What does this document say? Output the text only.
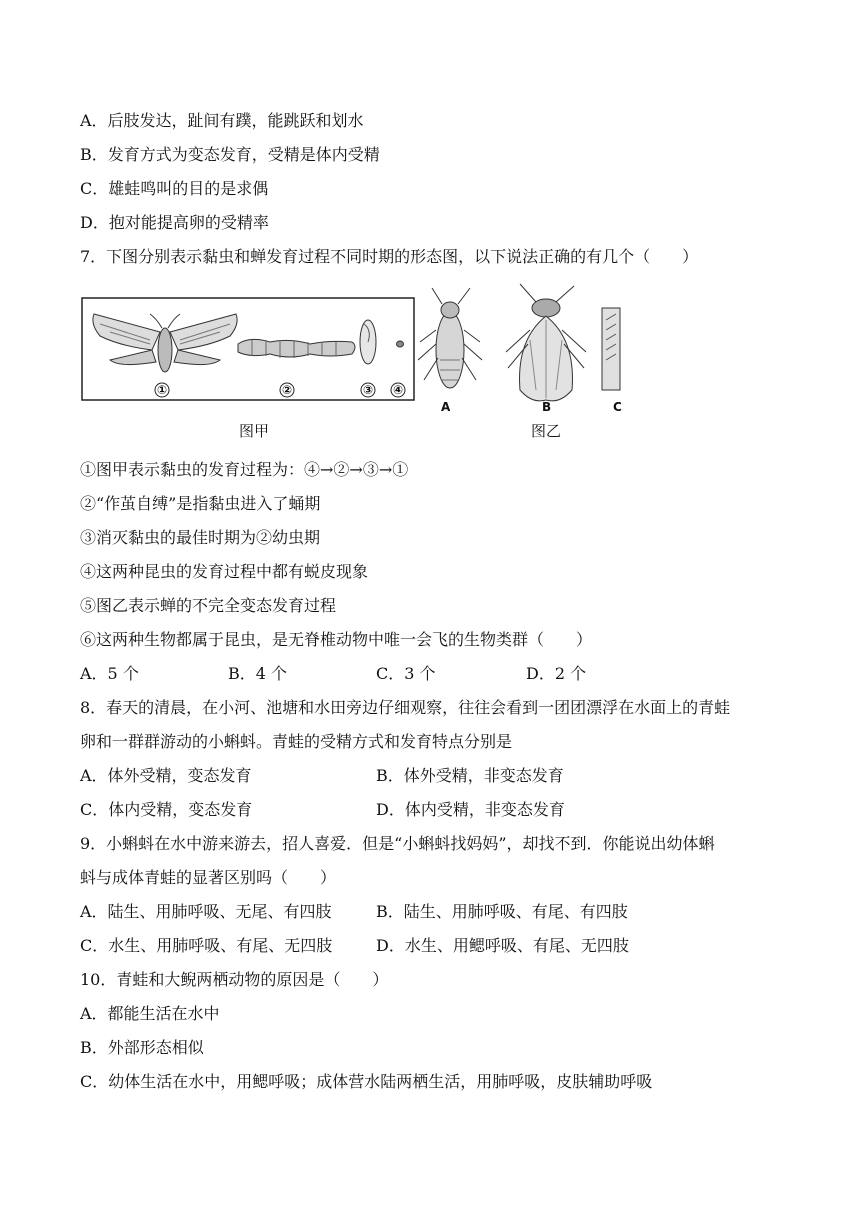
A．后肢发达，趾间有蹼，能跳跃和划水
B．发育方式为变态发育，受精是体内受精
C．雄蛙鸣叫的目的是求偶
D．抱对能提高卵的受精率
7．下图分别表示黏虫和蝉发育过程不同时期的形态图，以下说法正确的有几个（　　）
①	②	③ ④
A	B	C
图甲	图乙
①图甲表示黏虫的发育过程为：④→②→③→①
②“作茧自缚”是指黏虫进入了蛹期
③消灭黏虫的最佳时期为②幼虫期
④这两种昆虫的发育过程中都有蜕皮现象
⑤图乙表示蝉的不完全变态发育过程
⑥这两种生物都属于昆虫，是无脊椎动物中唯一会飞的生物类群（　　）
A．5 个	B．4 个	C．3 个	D．2 个
8．春天的清晨，在小河、池塘和水田旁边仔细观察，往往会看到一团团漂浮在水面上的青蛙
卵和一群群游动的小蝌蚪。青蛙的受精方式和发育特点分别是
A．体外受精，变态发育	B．体外受精，非变态发育
C．体内受精，变态发育	D．体内受精，非变态发育
9．小蝌蚪在水中游来游去，招人喜爱．但是“小蝌蚪找妈妈”，却找不到．你能说出幼体蝌
蚪与成体青蛙的显著区别吗（　　）
A．陆生、用肺呼吸、无尾、有四肢	B．陆生、用肺呼吸、有尾、有四肢
C．水生、用肺呼吸、有尾、无四肢	D．水生、用鳃呼吸、有尾、无四肢
10．青蛙和大鲵两栖动物的原因是（　　）
A．都能生活在水中
B．外部形态相似
C．幼体生活在水中，用鳃呼吸；成体营水陆两栖生活，用肺呼吸，皮肤辅助呼吸
